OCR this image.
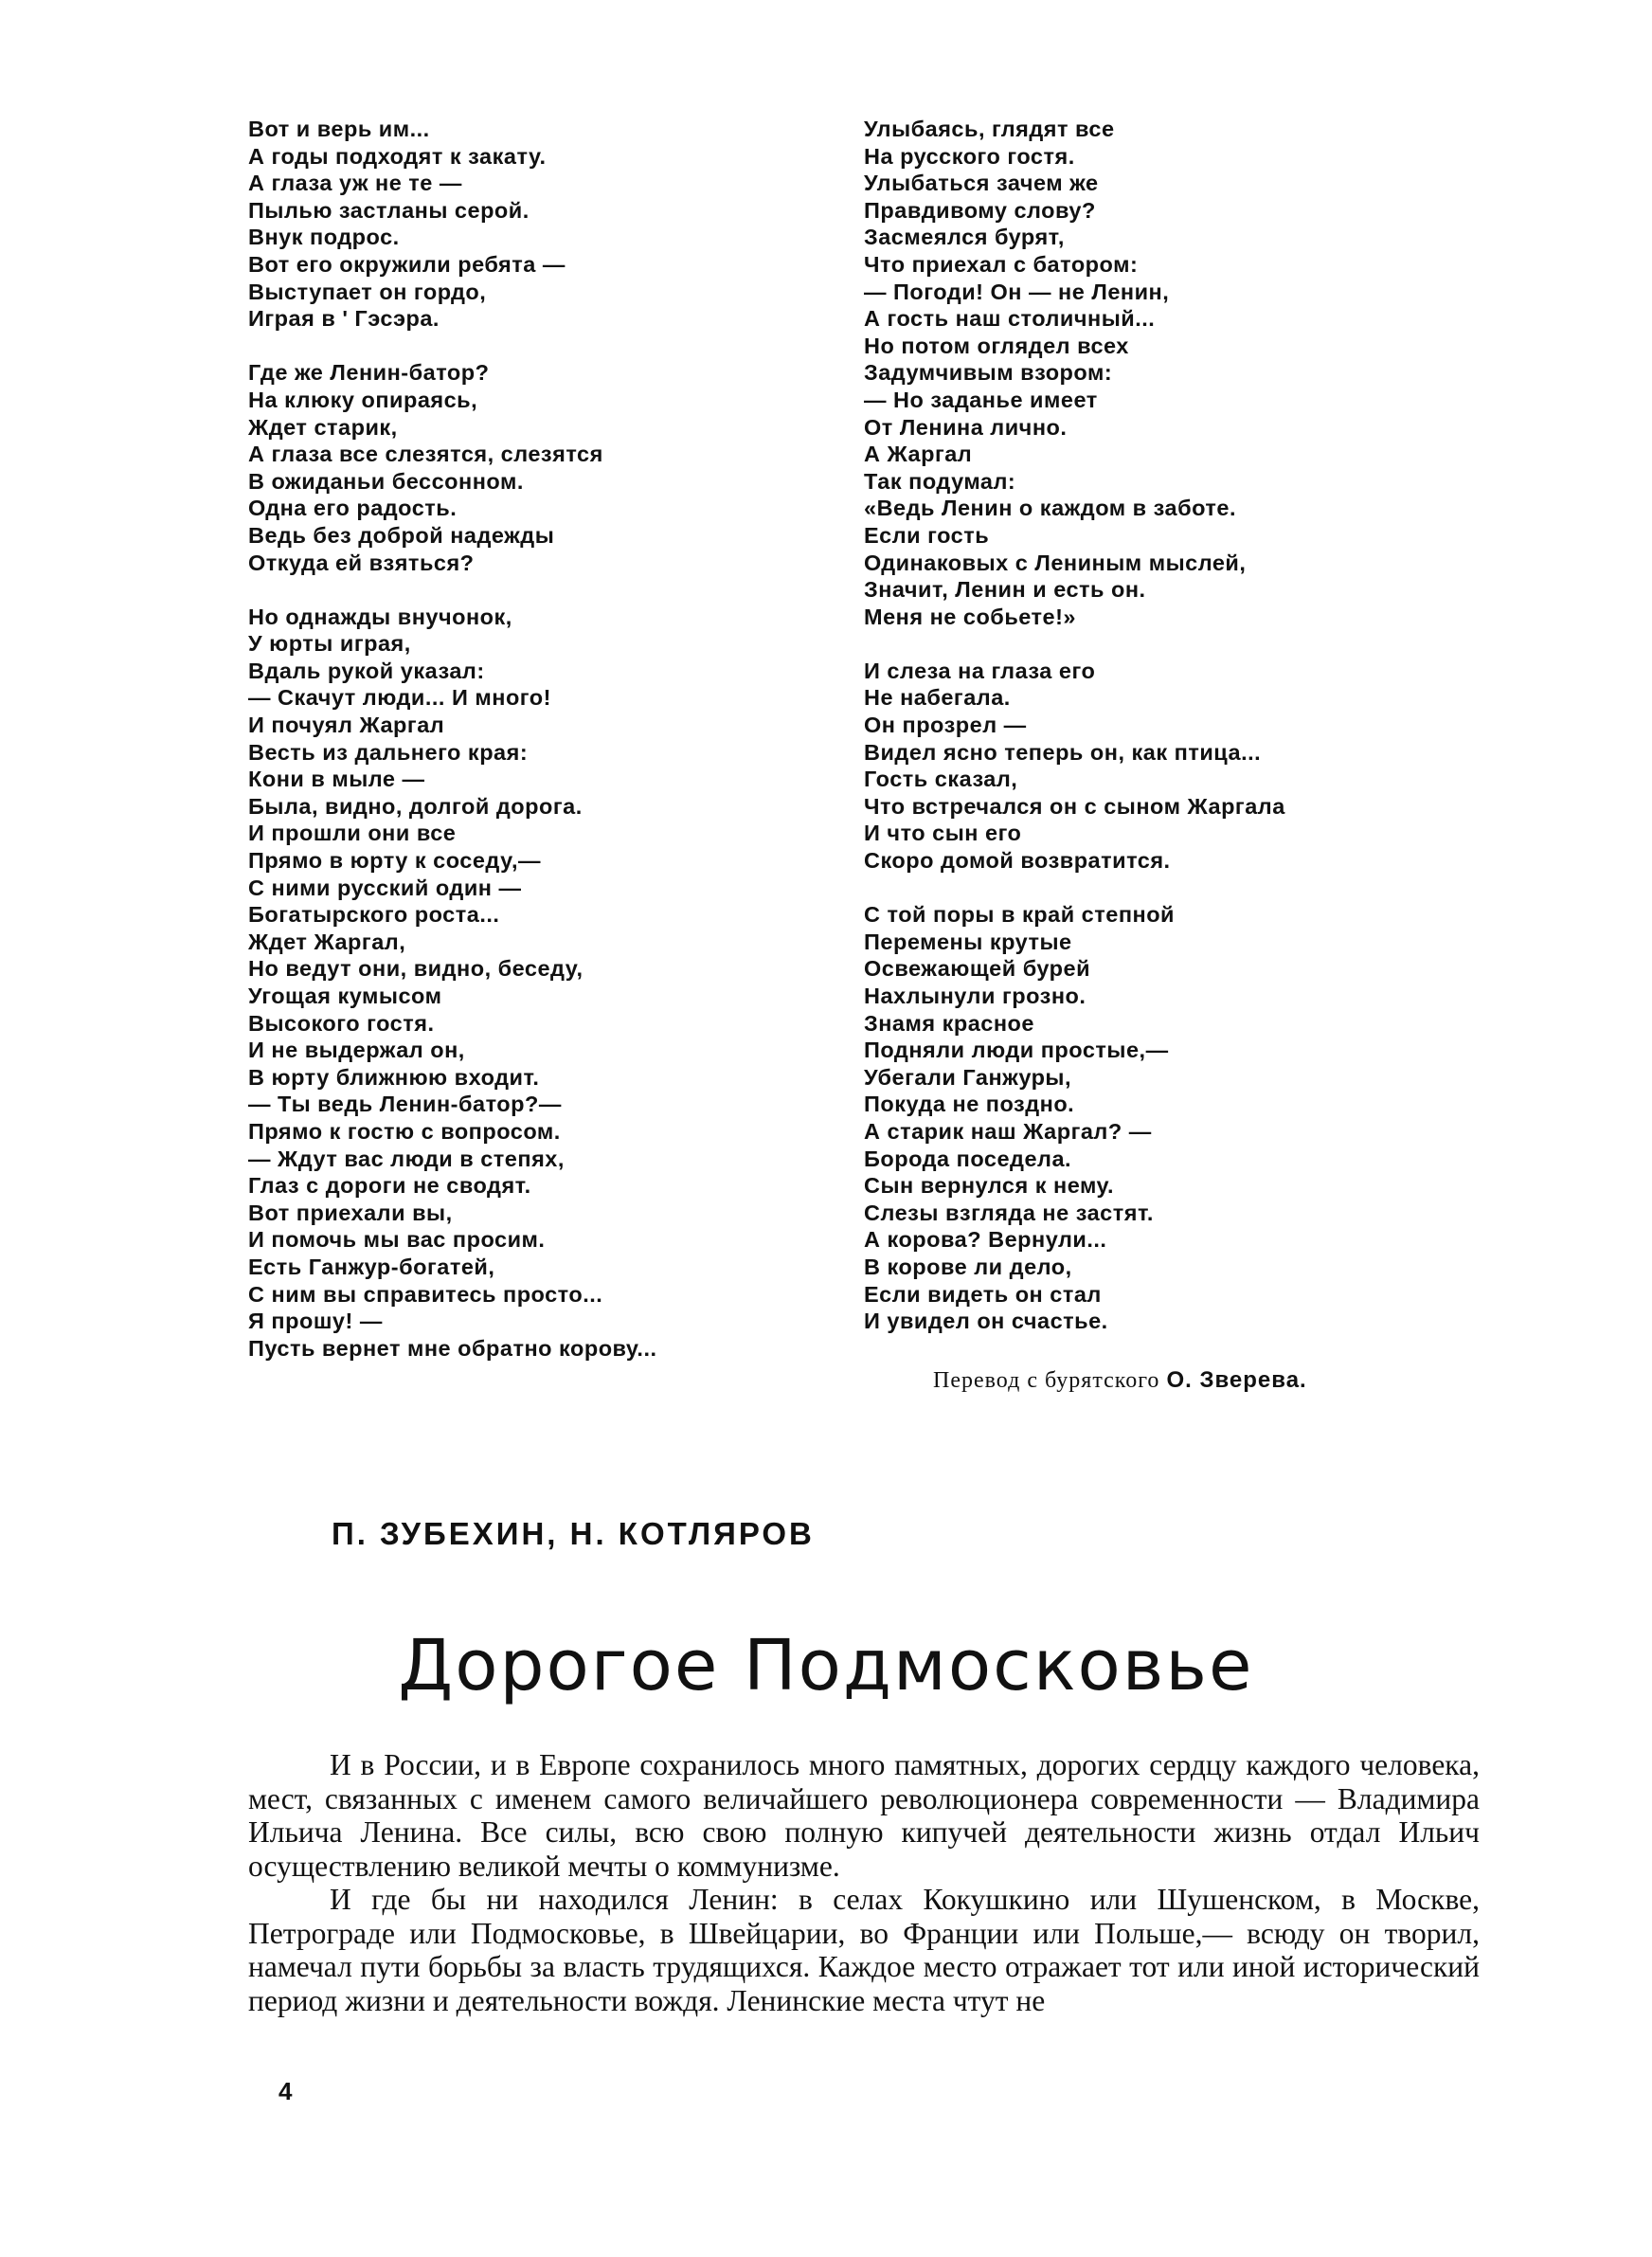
Вот и верь им...
А годы подходят к закату.
А глаза уж не те —
Пылью застланы серой.
Внук подрос.
Вот его окружили ребята —
Выступает он гордо,
Играя в ' Гэсэра.
Где же Ленин-батор?
На клюку опираясь,
Ждет старик,
А глаза все слезятся, слезятся
В ожиданьи бессонном.
Одна его радость.
Ведь без доброй надежды
Откуда ей взяться?
Но однажды внучонок,
У юрты играя,
Вдаль рукой указал:
— Скачут люди... И много!
И почуял Жаргал
Весть из дальнего края:
Кони в мыле —
Была, видно, долгой дорога.
И прошли они все
Прямо в юрту к соседу,—
С ними русский один —
Богатырского роста...
Ждет Жаргал,
Но ведут они, видно, беседу,
Угощая кумысом
Высокого гостя.
И не выдержал он,
В юрту ближнюю входит.
— Ты ведь Ленин-батор?—
Прямо к гостю с вопросом.
— Ждут вас люди в степях,
Глаз с дороги не сводят.
Вот приехали вы,
И помочь мы вас просим.
Есть Ганжур-богатей,
С ним вы справитесь просто...
Я прошу! —
Пусть вернет мне обратно корову...
Улыбаясь, глядят все
На русского гостя.
Улыбаться зачем же
Правдивому слову?
Засмеялся бурят,
Что приехал с батором:
— Погоди! Он — не Ленин,
А гость наш столичный...
Но потом оглядел всех
Задумчивым взором:
— Но заданье имеет
От Ленина лично.
А Жаргал
Так подумал:
«Ведь Ленин о каждом в заботе.
Если гость
Одинаковых с Лениным мыслей,
Значит, Ленин и есть он.
Меня не собьете!»
И слеза на глаза его
Не набегала.
Он прозрел —
Видел ясно теперь он, как птица...
Гость сказал,
Что встречался он с сыном Жаргала
И что сын его
Скоро домой возвратится.
С той поры в край степной
Перемены крутые
Освежающей бурей
Нахлынули грозно.
Знамя красное
Подняли люди простые,—
Убегали Ганжуры,
Покуда не поздно.
А старик наш Жаргал? —
Борода поседела.
Сын вернулся к нему.
Слезы взгляда не застят.
А корова? Вернули...
В корове ли дело,
Если видеть он стал
И увидел он счастье.
Перевод с бурятского О. Зверева.
П. ЗУБЕХИН, Н. КОТЛЯРОВ
Дорогое Подмосковье

И в России, и в Европе сохранилось много памятных, дорогих сердцу каждого человека, мест, связанных с именем самого величайшего революционера современности — Владимира Ильича Ленина. Все силы, всю свою полную кипучей деятельности жизнь отдал Ильич осуществлению великой мечты о коммунизме.

И где бы ни находился Ленин: в селах Кокушкино или Шушенском, в Москве, Петрограде или Подмосковье, в Швейцарии, во Франции или Польше,— всюду он творил, намечал пути борьбы за власть трудящихся. Каждое место отражает тот или иной исторический период жизни и деятельности вождя. Ленинские места чтут не

4
